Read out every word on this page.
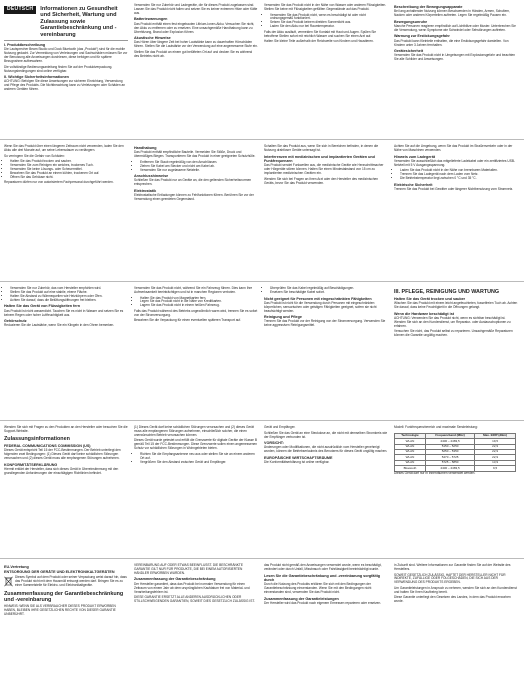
DEUTSCH	Informationen zu Gesundheit und Sicherheit, Wartung und Zulassung sowie Garantiebeschränkung und -vereinbarung
I. Produktbeschreibung

Die Lautsprecher Beam Studio und Dock Bluetooth (das „Produkt“) sind für die mobile Nutzung gedacht. Zur Vermeidung von Verletzungen und Sachschäden müssen Sie vor der Benutzung alle Anweisungen durchlesen, diese befolgen und für spätere Bezugnahme aufbewahren.

Die vollständige Bedienungsanleitung finden Sie auf der Produktverpackung. Nutzungsbedingungen sind online verfügbar.

II. Wichtige Sicherheitsinformationen

ACHTUNG: Befolgen Sie diese Anweisungen zur sicheren Einrichtung, Verwendung und Pflege des Produkts. Die Nichtbeachtung kann zu Verletzungen oder Schäden an anderen Geräten führen.

Verwenden Sie nur Zubehör und Ladegeräte, die für dieses Produkt zugelassen sind. Lassen Sie das Produkt nicht fallen und setzen Sie es keiner extremen Hitze oder Kälte aus.

Batteriewarnungen

Das Produkt enthält einen fest eingebauten Lithium-Ionen-Akku. Versuchen Sie nicht, den Akku zu entfernen oder zu ersetzen. Eine unsachgemäße Handhabung kann zu Überhitzung, Brand oder Explosion führen.

Akustische Hinweise

Das Hören über längere Zeit bei hoher Lautstärke kann zu dauerhaften Hörschäden führen. Stellen Sie die Lautstärke vor der Verwendung auf eine angemessene Stufe ein.

Stellen Sie das Produkt an einem gut belüfteten Ort auf und decken Sie es während des Betriebs nicht ab.

Verwenden Sie das Produkt nicht in der Nähe von Wasser oder anderen Flüssigkeiten. Stellen Sie keine mit Flüssigkeiten gefüllten Gegenstände auf das Produkt.

• Verwenden Sie das Produkt nicht, wenn es beschädigt ist oder nicht ordnungsgemäß funktioniert.
• Setzen Sie das Produkt keinem direkten Sonnenlicht aus.
• Laden Sie den Akku nur bei Raumtemperatur.

Falls der Akku ausläuft, vermeiden Sie Kontakt mit Haut und Augen. Spülen Sie betroffene Stellen sofort mit reichlich Wasser und suchen Sie einen Arzt auf.

Halten Sie kleine Teile außerhalb der Reichweite von Kindern und Haustieren.

Beschreibung der Bewegungsapparate

Bei lang anhaltender Nutzung können Beschwerden in Händen, Armen, Schultern, Nacken oder anderen Körperteilen auftreten. Legen Sie regelmäßig Pausen ein.

Bewegungsunruhe

Manche Personen reagieren empfindlich auf Lichtblitze oder Muster. Unterbrechen Sie die Verwendung, wenn Symptome wie Schwindel oder Sehstörungen auftreten.

Warnung zur Erstickungsgefahr

Das Produkt kann Kleinteile enthalten, die eine Erstickungsgefahr darstellen. Von Kindern unter 3 Jahren fernhalten.

Gerätesicherheit

Verwenden Sie das Produkt nicht in Umgebungen mit Explosionsgefahr und beachten Sie alle Schilder und Anweisungen.

Wenn Sie das Produkt über einen längeren Zeitraum nicht verwenden, laden Sie den Akku alle drei Monate auf, um seine Lebensdauer zu verlängern.

So verringern Sie die Gefahr von Schäden:

• Halten Sie das Produkt trocken und sauber.
• Verwenden Sie zum Reinigen ein weiches, trockenes Tuch.
• Verwenden Sie keine Lösungs- oder Scheuermittel.
• Bewahren Sie das Produkt an einem kühlen, trockenen Ort auf.
• Öffnen Sie das Gehäuse nicht.

Reparaturen dürfen nur von autorisiertem Fachpersonal durchgeführt werden.

Handhabung

Das Produkt enthält empfindliche Bauteile. Vermeiden Sie Stöße, Druck und übermäßiges Biegen. Transportieren Sie das Produkt in einer geeigneten Schutzhülle.

• Entfernen Sie Staub regelmäßig von den Anschlüssen.
• Ziehen Sie Kabel am Stecker und nicht am Kabel ab.
• Verwenden Sie nur zugelassene Netzteile.
Anschlusshinweise

Schließen Sie das Produkt nur an Geräte an, die den geltenden Sicherheitsnormen entsprechen.

Elektrostatik

Elektrostatische Entladungen können zu Fehlfunktionen führen. Berühren Sie vor der Verwendung einen geerdeten Gegenstand.

Schalten Sie das Produkt aus, wenn Sie sich in Bereichen befinden, in denen die Nutzung drahtloser Geräte untersagt ist.

Interferenzen mit medizinischen und implantierten Geräten und Funkfrequenzen

Das Produkt sendet Funkwellen aus, die medizinische Geräte wie Herzschrittmacher oder Hörgeräte stören können. Halten Sie einen Mindestabstand von 15 cm zu implantierten medizinischen Geräten ein.

Wenden Sie sich bei Fragen an Ihren Arzt oder den Hersteller des medizinischen Geräts, bevor Sie das Produkt verwenden.

Achten Sie auf die Umgebung, wenn Sie das Produkt im Straßenverkehr oder in der Nähe von Maschinen verwenden.

Hinweis zum Ladegerät

Verwenden Sie ausschließlich das mitgelieferte Ladekabel oder ein zertifiziertes USB-Netzteil mit 5 V Ausgangsspannung.

• Laden Sie das Produkt nicht in der Nähe von brennbaren Materialien.
• Trennen Sie das Ladegerät nach dem Laden vom Netz.
• Die Betriebstemperatur liegt zwischen 0 °C und 35 °C.
Elektrische Sicherheit

Trennen Sie das Produkt bei Gewitter oder längerer Nichtbenutzung vom Stromnetz.

• Verwenden Sie nur Zubehör, das vom Hersteller empfohlen wird.
• Stellen Sie das Produkt auf eine stabile, ebene Fläche.
• Halten Sie Abstand zu Wärmequellen wie Heizkörpern oder Öfen.
• Achten Sie darauf, dass die Belüftungsöffnungen frei bleiben.
Halten Sie das Gerät von Flüssigkeiten fern

Das Produkt ist nicht wasserdicht. Tauchen Sie es nicht in Wasser und setzen Sie es keinem Regen oder hoher Luftfeuchtigkeit aus.

Gehörschutz

Reduzieren Sie die Lautstärke, wenn Sie ein Klingeln in den Ohren bemerken.

Verwenden Sie das Produkt nicht, während Sie ein Fahrzeug führen. Dies kann Ihre Aufmerksamkeit beeinträchtigen und ist in manchen Regionen verboten.

• Halten Sie das Produkt von Magnetkarten fern.
• Legen Sie das Produkt nicht in die Nähe von Kreditkarten.
• Lagern Sie das Produkt nicht in einem heißen Fahrzeug.

Falls das Produkt während des Betriebs ungewöhnlich warm wird, trennen Sie es sofort von der Stromversorgung.

Bewahren Sie die Verpackung für einen eventuellen späteren Transport auf.

• Überprüfen Sie das Kabel regelmäßig auf Beschädigungen.
• Ersetzen Sie beschädigte Kabel sofort.
Nicht geeignet für Personen mit eingeschränkten Fähigkeiten

Das Produkt ist nicht für die Verwendung durch Personen mit eingeschränkten körperlichen, sensorischen oder geistigen Fähigkeiten geeignet, sofern sie nicht beaufsichtigt werden.

Reinigung und Pflege

Trennen Sie das Produkt vor der Reinigung von der Stromversorgung. Verwenden Sie keine aggressiven Reinigungsmittel.

III. PFLEGE, REINIGUNG UND WARTUNG
Halten Sie das Gerät trocken und sauber

Wischen Sie das Produkt mit einem leicht angefeuchteten, fusselfreien Tuch ab. Achten Sie darauf, dass keine Feuchtigkeit in die Öffnungen gelangt.

Wenn die Hardware beschädigt ist

ACHTUNG: Verwenden Sie das Produkt nicht, wenn es sichtbar beschädigt ist. Wenden Sie sich an den Kundendienst, um Reparatur- oder Austauschoptionen zu erfahren.

Versuchen Sie nicht, das Produkt selbst zu reparieren. Unsachgemäße Reparaturen können die Garantie ungültig machen.

Wenden Sie sich mit Fragen zu den Produkten an den Hersteller oder besuchen Sie die Support-Website.

Zulassungsinformationen
FEDERAL COMMUNICATIONS COMMISSION (US)

Dieses Gerät entspricht Teil 15 der FCC-Bestimmungen. Der Betrieb unterliegt den folgenden zwei Bedingungen: (1) Dieses Gerät darf keine schädlichen Störungen verursachen und (2) dieses Gerät muss alle empfangenen Störungen aufnehmen.

KONFORMITÄTSERKLÄRUNG

Hiermit erklärt der Hersteller, dass sich dieses Gerät in Übereinstimmung mit den grundlegenden Anforderungen der einschlägigen Richtlinien befindet.

(1) Dieses Gerät darf keine schädlichen Störungen verursachen und (2) dieses Gerät muss alle empfangenen Störungen aufnehmen, einschließlich solcher, die einen unerwünschten Betrieb verursachen können.

Dieses Gerät wurde getestet und erfüllt die Grenzwerte für digitale Geräte der Klasse B gemäß Teil 15 der FCC-Bestimmungen. Diese Grenzwerte sollen einen angemessenen Schutz vor schädlichen Störungen in Wohngebieten bieten.

• Richten Sie die Empfangsantenne neu aus oder stellen Sie sie an einem anderen Ort auf.
• Vergrößern Sie den Abstand zwischen Gerät und Empfänger.

Gerät und Empfänger.

Schließen Sie das Gerät an eine Steckdose an, die nicht mit demselben Stromkreis wie der Empfänger verbunden ist.

VORSICHT:

Änderungen oder Modifikationen, die nicht ausdrücklich vom Hersteller genehmigt wurden, können die Betriebserlaubnis des Benutzers für dieses Gerät ungültig machen.

EUROPÄISCHE WIRTSCHAFTSRÄUME

Die Konformitätserklärung ist online verfügbar.

Modell: Funkfrequenzbereich und maximale Sendeleistung:

Technologie	Frequenzband (MHz)	Max. EIRP (dBm)
WLAN	2400 – 2483,5	19,5
WLAN	5150 – 5250	22,9
WLAN	5250 – 5350	22,9
WLAN	5470 – 5725	22,9
WLAN	5725 – 5850	13,9
Bluetooth	2400 – 2483,5	9,5

Dieses Gerät darf nur in Innenräumen verwendet werden.

EU-Vertretung
ENTSORGUNG DER GERÄTE UND ELEKTRONIKALTGERÄTEN

Dieses Symbol auf dem Produkt oder seiner Verpackung weist darauf hin, dass das Produkt nicht mit dem Hausmüll entsorgt werden darf. Bringen Sie es zu einer Sammelstelle für Elektro- und Elektronikaltgeräte.

Zusammenfassung der Garantiebeschränkung und -vereinbarung

HINWEIS: WENN SIE ALS VERBRAUCHER DIESES PRODUKT ERWORBEN HABEN, BLEIBEN IHRE GESETZLICHEN RECHTE VON DIESER GARANTIE UNBERÜHRT.

VEREINBARUNG AUF ODER ETWAS BEEINFLUSST. DIE BESCHRÄNKTE GARANTIE GILT NUR FÜR PRODUKTE, DIE BEI EINEM AUTORISIERTEN HÄNDLER ERWORBEN WURDEN.

Zusammenfassung der Garantiebeschränkung

Der Hersteller garantiert, dass das Produkt bei normaler Verwendung für einen Zeitraum von einem Jahr ab dem ursprünglichen Kaufdatum frei von Material- und Verarbeitungsfehlern ist.

DIESE GARANTIE ERSETZT ALLE ANDEREN AUSDRÜCKLICHEN ODER STILLSCHWEIGENDEN GARANTIEN, SOWEIT DIES GESETZLICH ZULÄSSIG IST.

das Produkt nicht gemäß den Anweisungen verwendet wurde, wenn es beschädigt, verändert oder durch Unfall, Missbrauch oder Fahrlässigkeit beeinträchtigt wurde.

Lesen Sie die Garantiebeschränkung und -vereinbarung sorgfältig durch

Durch die Nutzung des Produkts erklären Sie sich mit den Bedingungen der Garantiebeschränkung einverstanden. Wenn Sie mit den Bedingungen nicht einverstanden sind, verwenden Sie das Produkt nicht.

Zusammenfassung der Garantieleistungen

Der Hersteller wird das Produkt nach eigenem Ermessen reparieren oder ersetzen.

in Zukunft sind. Weitere Informationen zur Garantie finden Sie auf der Website des Herstellers.

SOWEIT GESETZLICH ZULÄSSIG, HAFTET DER HERSTELLER NICHT FÜR INDIREKTE, ZUFÄLLIGE ODER FOLGESCHÄDEN, DIE SICH AUS DER VERWENDUNG DES PRODUKTS ERGEBEN.

Um Garantieleistungen in Anspruch zu nehmen, wenden Sie sich an den Kundendienst und halten Sie Ihren Kaufbeleg bereit.

Diese Garantie unterliegt den Gesetzen des Landes, in dem das Produkt erworben wurde.
